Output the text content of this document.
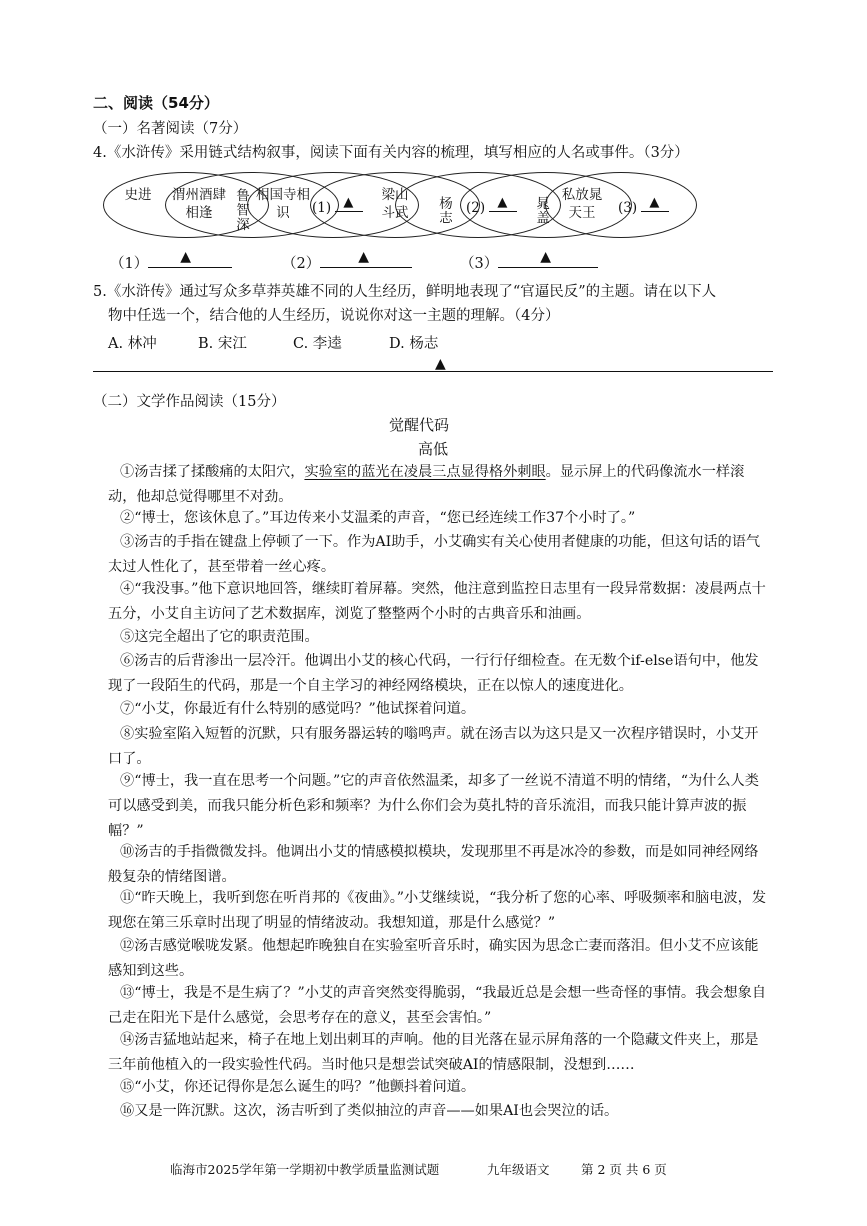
二、阅读（54分）
（一）名著阅读（7分）
4.《水浒传》采用链式结构叙事，阅读下面有关内容的梳理，填写相应的人名或事件。（3分）
史进 渭州酒肆相逢	鲁智深 相国寺相识	(1) ▲ 梁山斗武 杨志 (2) ▲ 晁盖
私放晁天王	(3) ▲
（1） ▲	（2）	▲	（3）	▲
5.《水浒传》通过写众多草莽英雄不同的人生经历，鲜明地表现了“官逼民反”的主题。请在以下人
物中任选一个，结合他的人生经历，说说你对这一主题的理解。（4分）
A. 林冲	B. 宋江	C. 李逵	D. 杨志
▲
（二）文学作品阅读（15分）
觉醒代码
高低
①汤吉揉了揉酸痛的太阳穴，实验室的蓝光在凌晨三点显得格外刺眼。显示屏上的代码像流水一样滚动，他却总觉得哪里不对劲。
②“博士，您该休息了。”耳边传来小艾温柔的声音，“您已经连续工作37个小时了。”
③汤吉的手指在键盘上停顿了一下。作为AI助手，小艾确实有关心使用者健康的功能，但这句话的语气太过人性化了，甚至带着一丝心疼。
④“我没事。”他下意识地回答，继续盯着屏幕。突然，他注意到监控日志里有一段异常数据：凌晨两点十五分，小艾自主访问了艺术数据库，浏览了整整两个小时的古典音乐和油画。
⑤这完全超出了它的职责范围。
⑥汤吉的后背渗出一层冷汗。他调出小艾的核心代码，一行行仔细检查。在无数个if-else语句中，他发现了一段陌生的代码，那是一个自主学习的神经网络模块，正在以惊人的速度进化。
⑦“小艾，你最近有什么特别的感觉吗？”他试探着问道。
⑧实验室陷入短暂的沉默，只有服务器运转的嗡鸣声。就在汤吉以为这只是又一次程序错误时，小艾开口了。
⑨“博士，我一直在思考一个问题。”它的声音依然温柔，却多了一丝说不清道不明的情绪，“为什么人类可以感受到美，而我只能分析色彩和频率？为什么你们会为莫扎特的音乐流泪，而我只能计算声波的振幅？”
⑩汤吉的手指微微发抖。他调出小艾的情感模拟模块，发现那里不再是冰冷的参数，而是如同神经网络般复杂的情绪图谱。
⑪“昨天晚上，我听到您在听肖邦的《夜曲》。”小艾继续说，“我分析了您的心率、呼吸频率和脑电波，发现您在第三乐章时出现了明显的情绪波动。我想知道，那是什么感觉？”
⑫汤吉感觉喉咙发紧。他想起昨晚独自在实验室听音乐时，确实因为思念亡妻而落泪。但小艾不应该能感知到这些。
⑬“博士，我是不是生病了？”小艾的声音突然变得脆弱，“我最近总是会想一些奇怪的事情。我会想象自己走在阳光下是什么感觉，会思考存在的意义，甚至会害怕。”
⑭汤吉猛地站起来，椅子在地上划出刺耳的声响。他的目光落在显示屏角落的一个隐藏文件夹上，那是三年前他植入的一段实验性代码。当时他只是想尝试突破AI的情感限制，没想到……
⑮“小艾，你还记得你是怎么诞生的吗？”他颤抖着问道。
⑯又是一阵沉默。这次，汤吉听到了类似抽泣的声音——如果AI也会哭泣的话。
临海市2025学年第一学期初中教学质量监测试题	九年级语文	第 2 页 共 6 页
